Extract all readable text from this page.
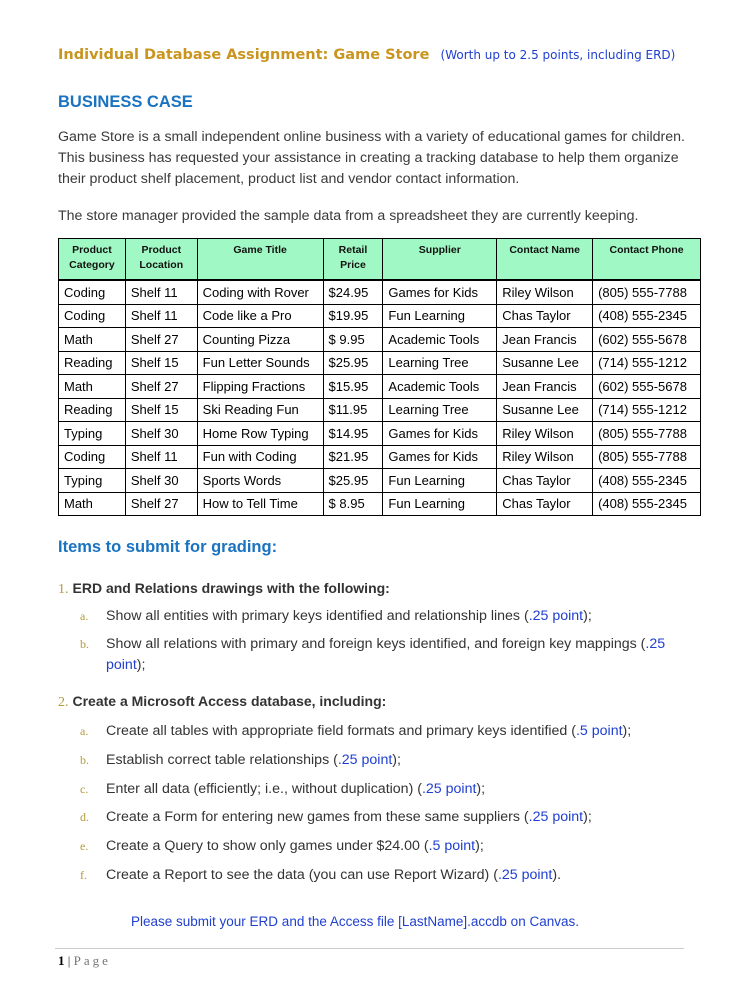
Individual Database Assignment: Game Store (Worth up to 2.5 points, including ERD)
BUSINESS CASE
Game Store is a small independent online business with a variety of educational games for children. This business has requested your assistance in creating a tracking database to help them organize their product shelf placement, product list and vendor contact information.
The store manager provided the sample data from a spreadsheet they are currently keeping.
Product Category	Product Location	Game Title	Retail Price	Supplier	Contact Name	Contact Phone
Coding	Shelf 11	Coding with Rover	$24.95	Games for Kids	Riley Wilson	(805) 555-7788
Coding	Shelf 11	Code like a Pro	$19.95	Fun Learning	Chas Taylor	(408) 555-2345
Math	Shelf 27	Counting Pizza	$ 9.95	Academic Tools	Jean Francis	(602) 555-5678
Reading	Shelf 15	Fun Letter Sounds	$25.95	Learning Tree	Susanne Lee	(714) 555-1212
Math	Shelf 27	Flipping Fractions	$15.95	Academic Tools	Jean Francis	(602) 555-5678
Reading	Shelf 15	Ski Reading Fun	$11.95	Learning Tree	Susanne Lee	(714) 555-1212
Typing	Shelf 30	Home Row Typing	$14.95	Games for Kids	Riley Wilson	(805) 555-7788
Coding	Shelf 11	Fun with Coding	$21.95	Games for Kids	Riley Wilson	(805) 555-7788
Typing	Shelf 30	Sports Words	$25.95	Fun Learning	Chas Taylor	(408) 555-2345
Math	Shelf 27	How to Tell Time	$ 8.95	Fun Learning	Chas Taylor	(408) 555-2345
Items to submit for grading:
1. ERD and Relations drawings with the following:
a. Show all entities with primary keys identified and relationship lines (.25 point);
b. Show all relations with primary and foreign keys identified, and foreign key mappings (.25 point);
2. Create a Microsoft Access database, including:
a. Create all tables with appropriate field formats and primary keys identified (.5 point);
b. Establish correct table relationships (.25 point);
c. Enter all data (efficiently; i.e., without duplication) (.25 point);
d. Create a Form for entering new games from these same suppliers (.25 point);
e. Create a Query to show only games under $24.00 (.5 point);
f. Create a Report to see the data (you can use Report Wizard) (.25 point).
Please submit your ERD and the Access file [LastName].accdb on Canvas.
1 | Page
